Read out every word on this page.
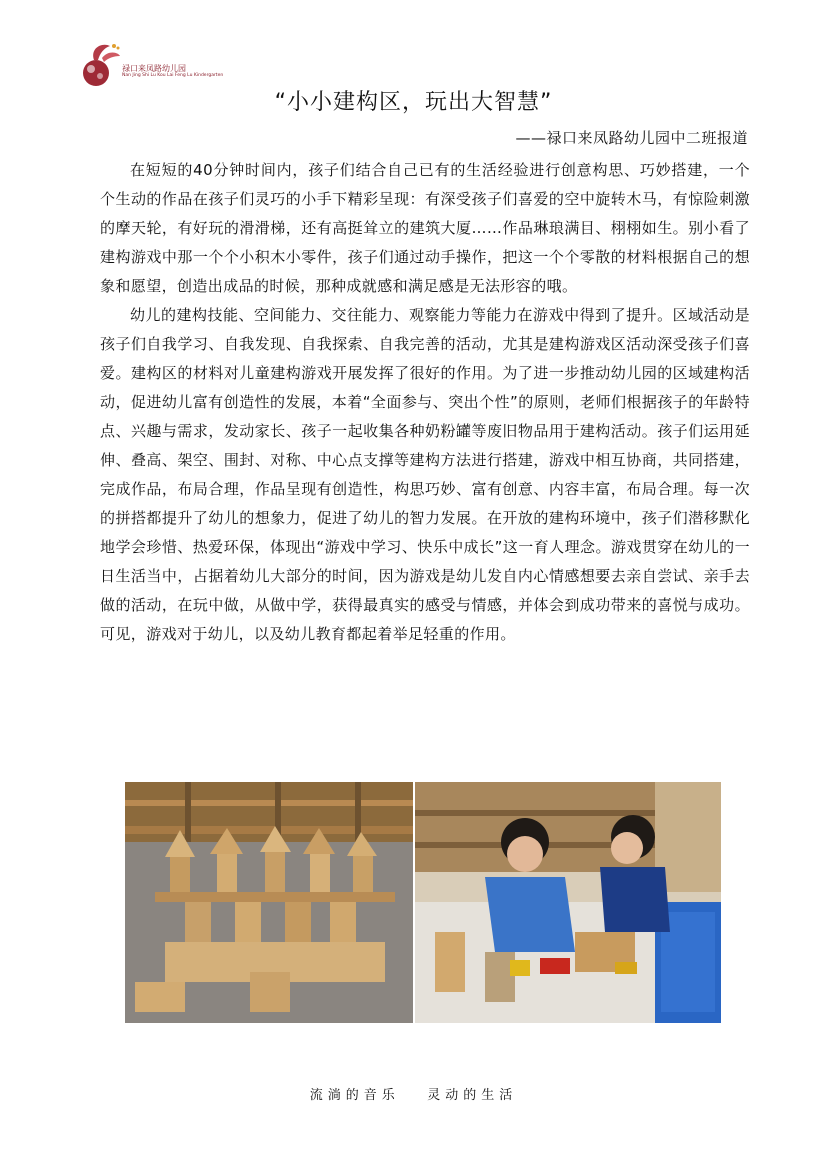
禄口来凤路幼儿园
Nan Jing Shi Lu Kou Lai Feng Lu Kindergarten
“小小建构区，玩出大智慧”
——禄口来凤路幼儿园中二班报道

在短短的40分钟时间内，孩子们结合自己已有的生活经验进行创意构思、巧妙搭建，一个个生动的作品在孩子们灵巧的小手下精彩呈现：有深受孩子们喜爱的空中旋转木马，有惊险刺激的摩天轮，有好玩的滑滑梯，还有高挺耸立的建筑大厦……作品琳琅满目、栩栩如生。别小看了建构游戏中那一个个小积木小零件，孩子们通过动手操作，把这一个个零散的材料根据自己的想象和愿望，创造出成品的时候，那种成就感和满足感是无法形容的哦。

幼儿的建构技能、空间能力、交往能力、观察能力等能力在游戏中得到了提升。区域活动是孩子们自我学习、自我发现、自我探索、自我完善的活动，尤其是建构游戏区活动深受孩子们喜爱。建构区的材料对儿童建构游戏开展发挥了很好的作用。为了进一步推动幼儿园的区域建构活动，促进幼儿富有创造性的发展，本着“全面参与、突出个性”的原则，老师们根据孩子的年龄特点、兴趣与需求，发动家长、孩子一起收集各种奶粉罐等废旧物品用于建构活动。孩子们运用延伸、叠高、架空、围封、对称、中心点支撑等建构方法进行搭建，游戏中相互协商，共同搭建，完成作品，布局合理，作品呈现有创造性，构思巧妙、富有创意、内容丰富，布局合理。每一次的拼搭都提升了幼儿的想象力，促进了幼儿的智力发展。在开放的建构环境中，孩子们潜移默化地学会珍惜、热爱环保，体现出“游戏中学习、快乐中成长”这一育人理念。游戏贯穿在幼儿的一日生活当中，占据着幼儿大部分的时间，因为游戏是幼儿发自内心情感想要去亲自尝试、亲手去做的活动，在玩中做，从做中学，获得最真实的感受与情感，并体会到成功带来的喜悦与成功。可见，游戏对于幼儿，以及幼儿教育都起着举足轻重的作用。

流淌的音乐   灵动的生活
